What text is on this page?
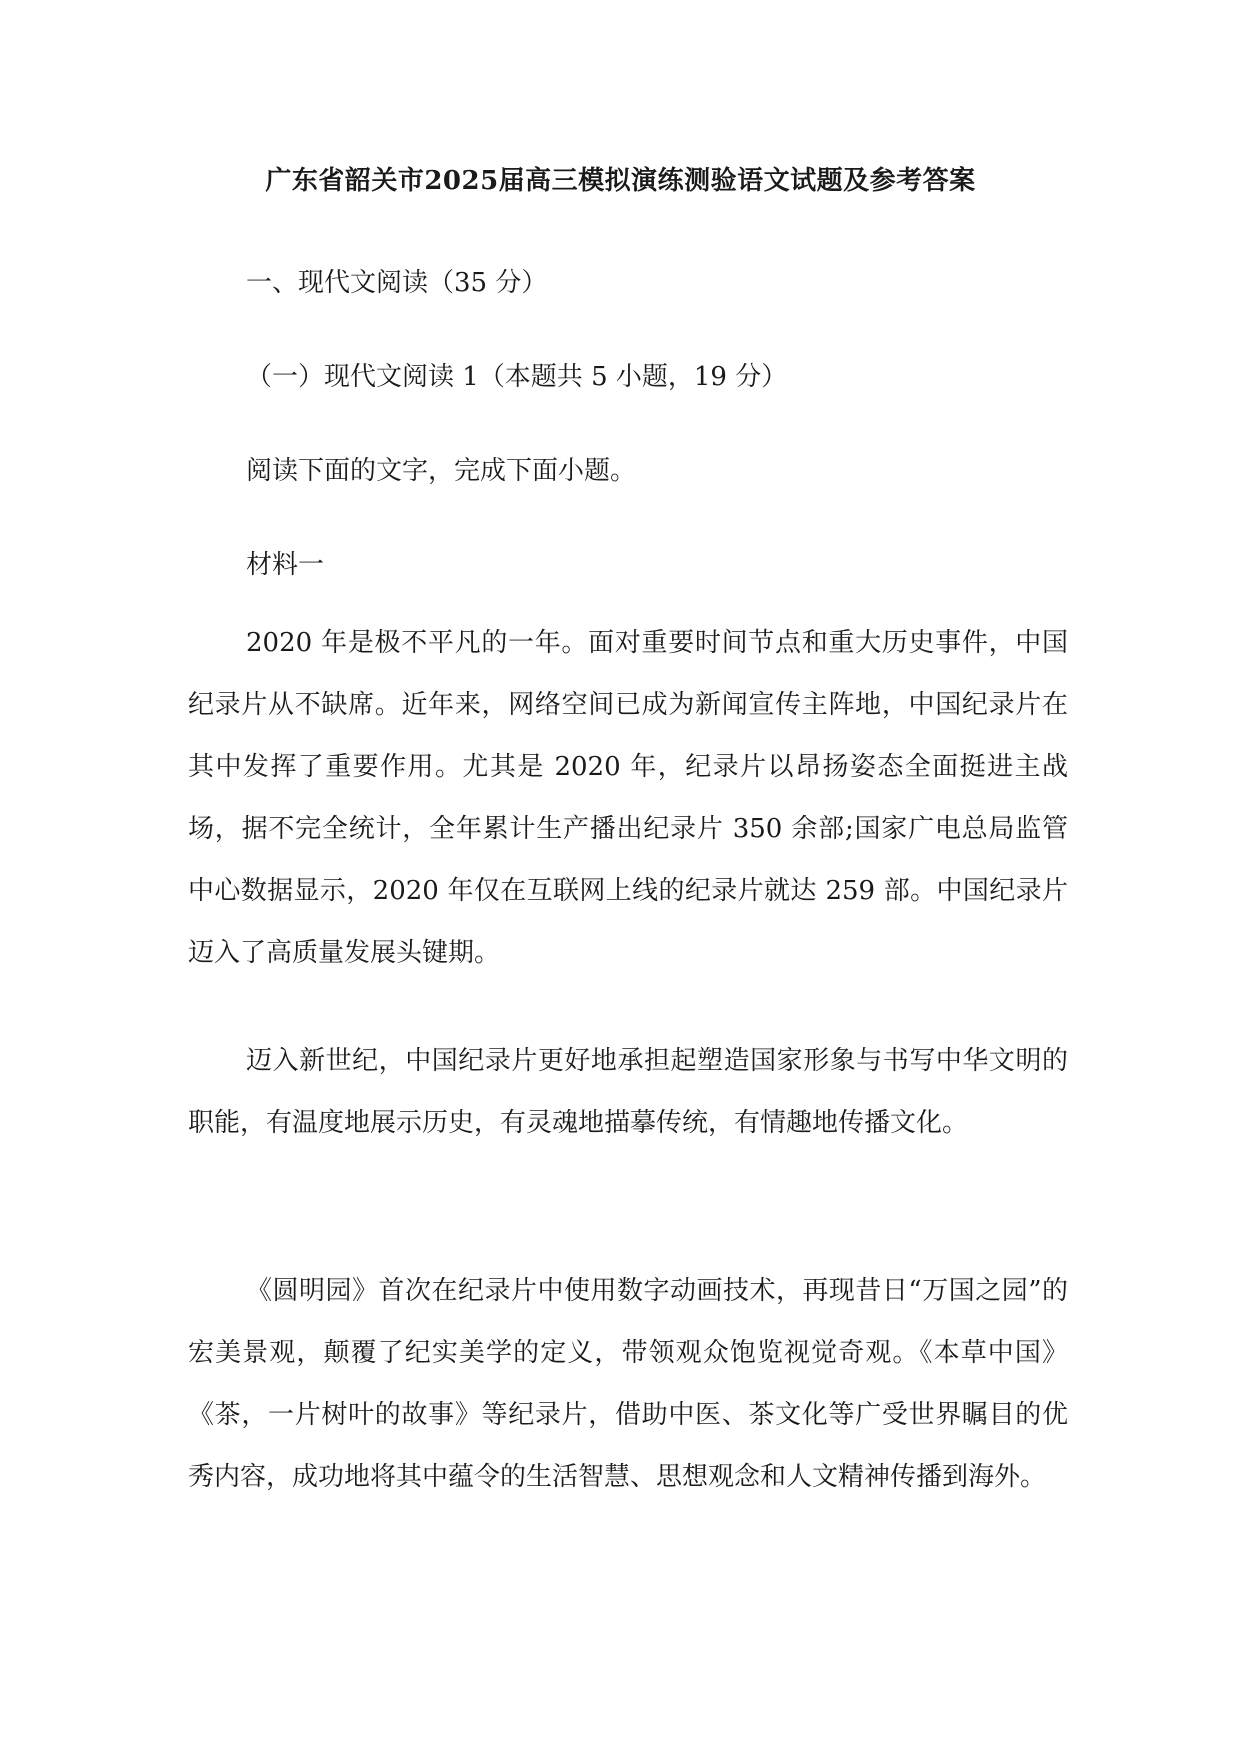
广东省韶关市2025届高三模拟演练测验语文试题及参考答案
一、现代文阅读（35 分）
（一）现代文阅读 1（本题共 5 小题，19 分）
阅读下面的文字，完成下面小题。
材料一
2020 年是极不平凡的一年。面对重要时间节点和重大历史事件，中国纪录片从不缺席。近年来，网络空间已成为新闻宣传主阵地，中国纪录片在其中发挥了重要作用。尤其是 2020 年，纪录片以昂扬姿态全面挺进主战场，据不完全统计，全年累计生产播出纪录片 350 余部;国家广电总局监管中心数据显示，2020 年仅在互联网上线的纪录片就达 259 部。中国纪录片迈入了高质量发展头键期。
迈入新世纪，中国纪录片更好地承担起塑造国家形象与书写中华文明的职能，有温度地展示历史，有灵魂地描摹传统，有情趣地传播文化。
《圆明园》首次在纪录片中使用数字动画技术，再现昔日“万国之园”的宏美景观，颠覆了纪实美学的定义，带领观众饱览视觉奇观。《本草中国》《茶，一片树叶的故事》等纪录片，借助中医、茶文化等广受世界瞩目的优秀内容，成功地将其中蕴令的生活智慧、思想观念和人文精神传播到海外。
